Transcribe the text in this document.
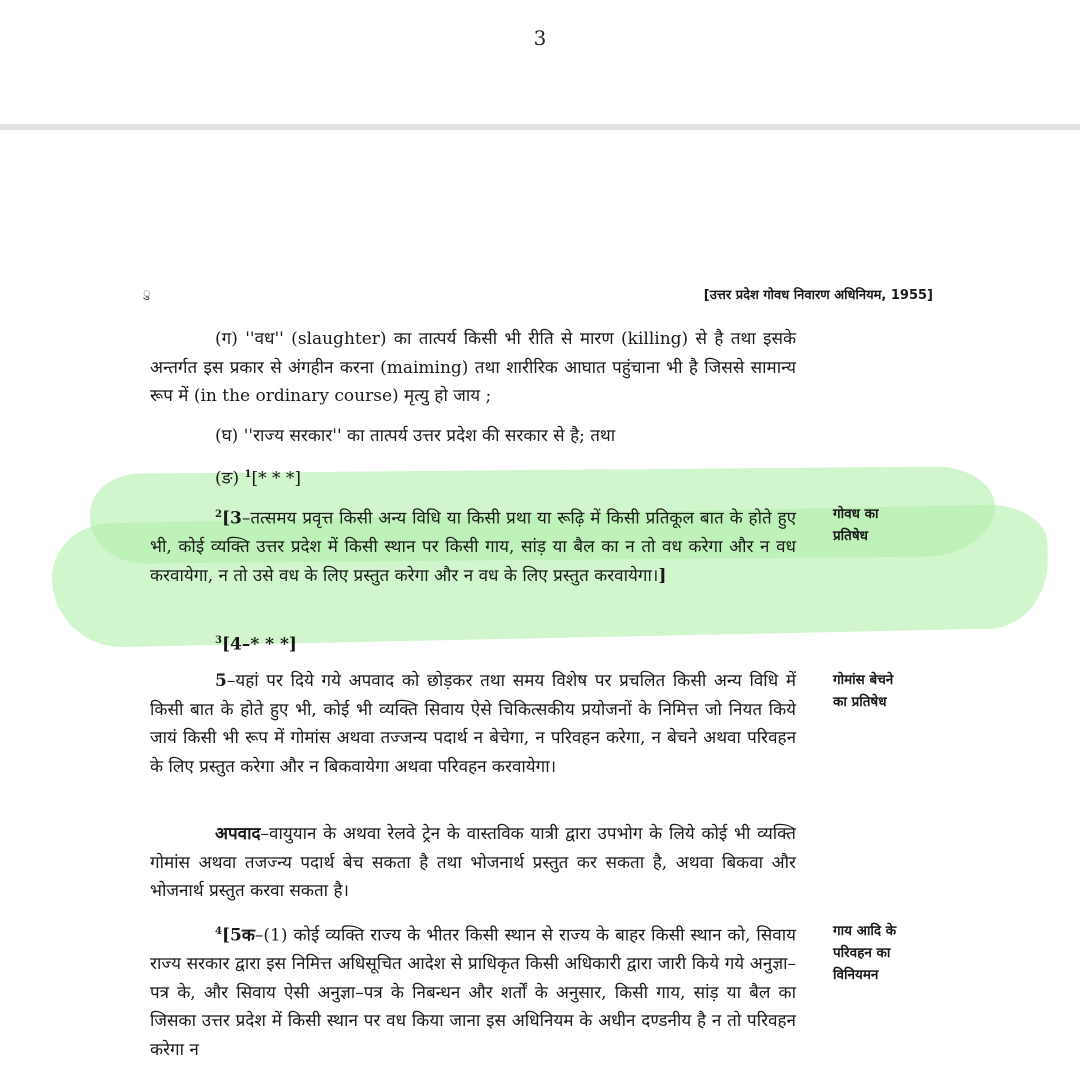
3
ु	[उत्तर प्रदेश गोवध निवारण अधिनियम, 1955]
(ग) ''वध'' (slaughter) का तात्पर्य किसी भी रीति से मारण (killing) से है तथा इसके अन्तर्गत इस प्रकार से अंगहीन करना (maiming) तथा शारीरिक आघात पहुंचाना भी है जिससे सामान्य रूप में (in the ordinary course) मृत्यु हो जाय ;
(घ) ''राज्य सरकार'' का तात्पर्य उत्तर प्रदेश की सरकार से है; तथा
(ङ) $^1$[* * *]
$^2$[3–तत्समय प्रवृत्त किसी अन्य विधि या किसी प्रथा या रूढ़ि में किसी प्रतिकूल बात के होते हुए भी, कोई व्यक्ति उत्तर प्रदेश में किसी स्थान पर किसी गाय, सांड़ या बैल का न तो वध करेगा और न वध करवायेगा, न तो उसे वध के लिए प्रस्तुत करेगा और न वध के लिए प्रस्तुत करवायेगा।]
गोवध का
प्रतिषेध
$^3$[4–* * *]
5–यहां पर दिये गये अपवाद को छोड़कर तथा समय विशेष पर प्रचलित किसी अन्य विधि में किसी बात के होते हुए भी, कोई भी व्यक्ति सिवाय ऐसे चिकित्सकीय प्रयोजनों के निमित्त जो नियत किये जायं किसी भी रूप में गोमांस अथवा तज्जन्य पदार्थ न बेचेगा, न परिवहन करेगा, न बेचने अथवा परिवहन के लिए प्रस्तुत करेगा और न बिकवायेगा अथवा परिवहन करवायेगा।
गोमांस बेचने
का प्रतिषेध
अपवाद–वायुयान के अथवा रेलवे ट्रेन के वास्तविक यात्री द्वारा उपभोग के लिये कोई भी व्यक्ति गोमांस अथवा तजज्न्य पदार्थ बेच सकता है तथा भोजनार्थ प्रस्तुत कर सकता है, अथवा बिकवा और भोजनार्थ प्रस्तुत करवा सकता है।
$^4$[5क–(1) कोई व्यक्ति राज्य के भीतर किसी स्थान से राज्य के बाहर किसी स्थान को, सिवाय राज्य सरकार द्वारा इस निमित्त अधिसूचित आदेश से प्राधिकृत किसी अधिकारी द्वारा जारी किये गये अनुज्ञा–पत्र के, और सिवाय ऐसी अनुज्ञा–पत्र के निबन्धन और शर्तों के अनुसार, किसी गाय, सांड़ या बैल का जिसका उत्तर प्रदेश में किसी स्थान पर वध किया जाना इस अधिनियम के अधीन दण्डनीय है न तो परिवहन करेगा न
गाय आदि के
परिवहन का
विनियमन
